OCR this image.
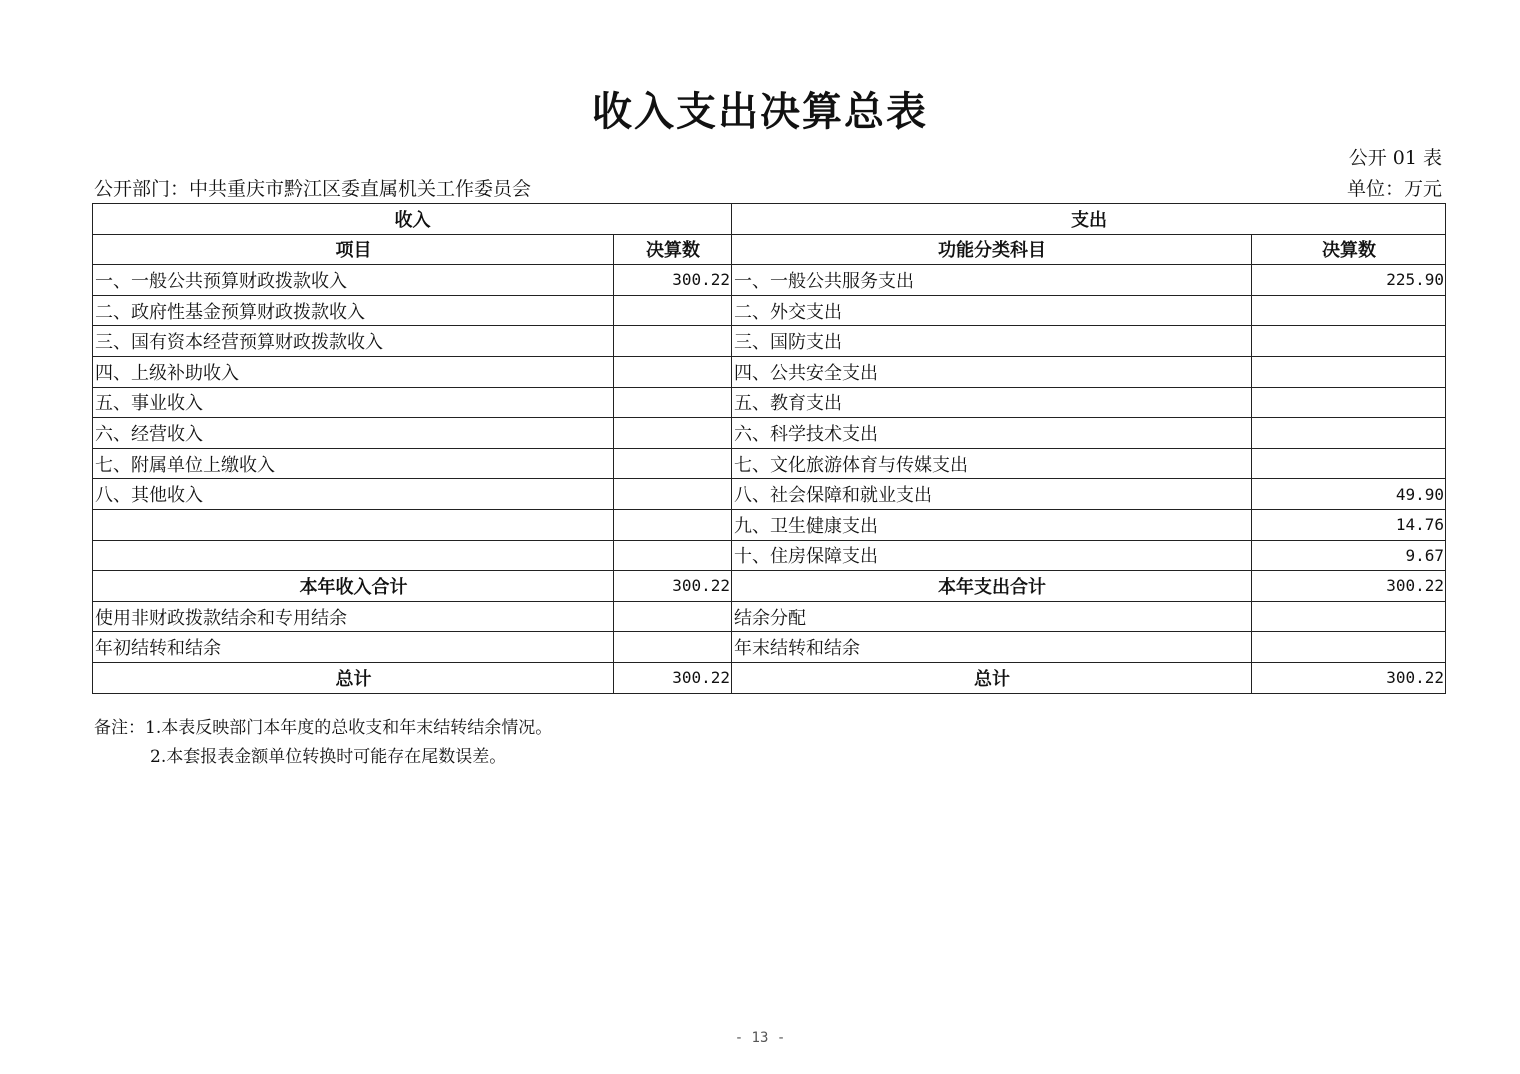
收入支出决算总表
公开 01 表
公开部门：中共重庆市黔江区委直属机关工作委员会	单位：万元
收入		支出	
项目	决算数	功能分类科目	决算数
一、一般公共预算财政拨款收入	300.22	一、一般公共服务支出	225.90
二、政府性基金预算财政拨款收入		二、外交支出	
三、国有资本经营预算财政拨款收入		三、国防支出	
四、上级补助收入		四、公共安全支出	
五、事业收入		五、教育支出	
六、经营收入		六、科学技术支出	
七、附属单位上缴收入		七、文化旅游体育与传媒支出	
八、其他收入		八、社会保障和就业支出	49.90
		九、卫生健康支出	14.76
		十、住房保障支出	9.67
本年收入合计	300.22	本年支出合计	300.22
使用非财政拨款结余和专用结余		结余分配	
年初结转和结余		年末结转和结余	
总计	300.22	总计	300.22
备注：1.本表反映部门本年度的总收支和年末结转结余情况。
2.本套报表金额单位转换时可能存在尾数误差。
- 13 -
